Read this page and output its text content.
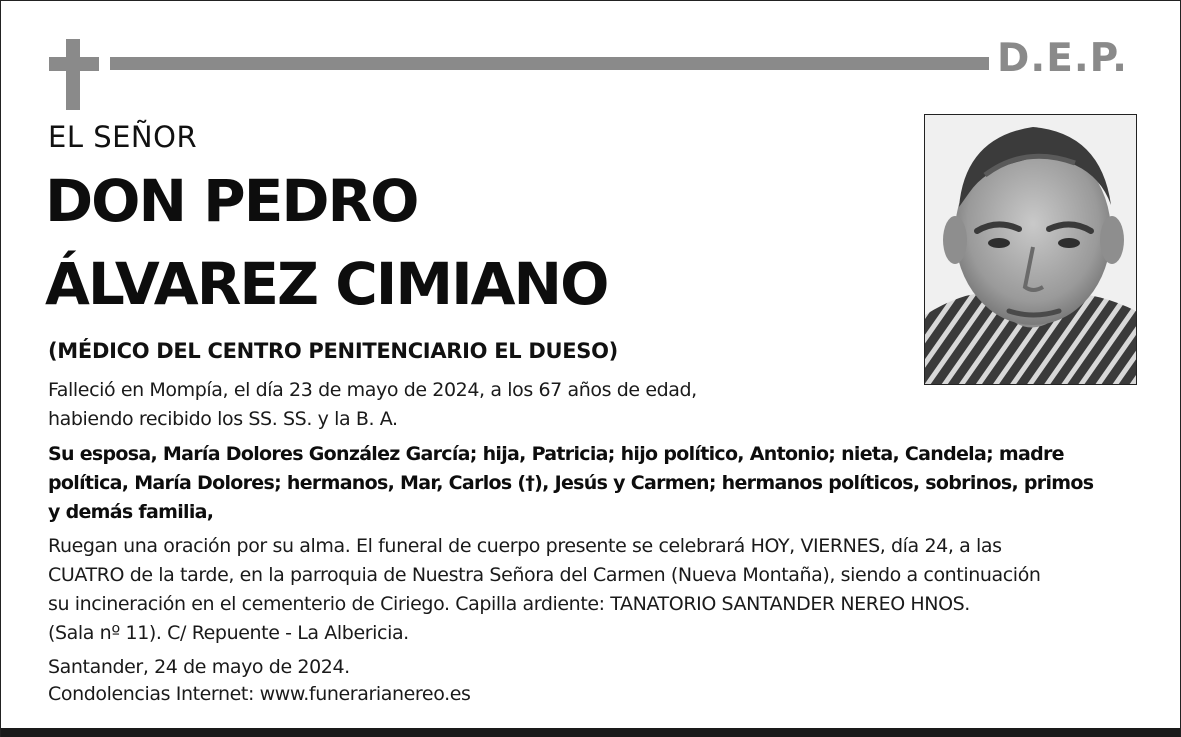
D.E.P.
EL SEÑOR
DON PEDRO
ÁLVAREZ CIMIANO
(MÉDICO DEL CENTRO PENITENCIARIO EL DUESO)
Falleció en Mompía, el día 23 de mayo de 2024, a los 67 años de edad,
habiendo recibido los SS. SS. y la B. A.
Su esposa, María Dolores González García; hija, Patricia; hijo político, Antonio; nieta, Candela; madre
política, María Dolores; hermanos, Mar, Carlos (†), Jesús y Carmen; hermanos políticos, sobrinos, primos
y demás familia,
Ruegan una oración por su alma. El funeral de cuerpo presente se celebrará HOY, VIERNES, día 24, a las
CUATRO de la tarde, en la parroquia de Nuestra Señora del Carmen (Nueva Montaña), siendo a continuación
su incineración en el cementerio de Ciriego. Capilla ardiente: TANATORIO SANTANDER NEREO HNOS.
(Sala nº 11). C/ Repuente - La Albericia.
Santander, 24 de mayo de 2024.
Condolencias Internet: www.funerarianereo.es
